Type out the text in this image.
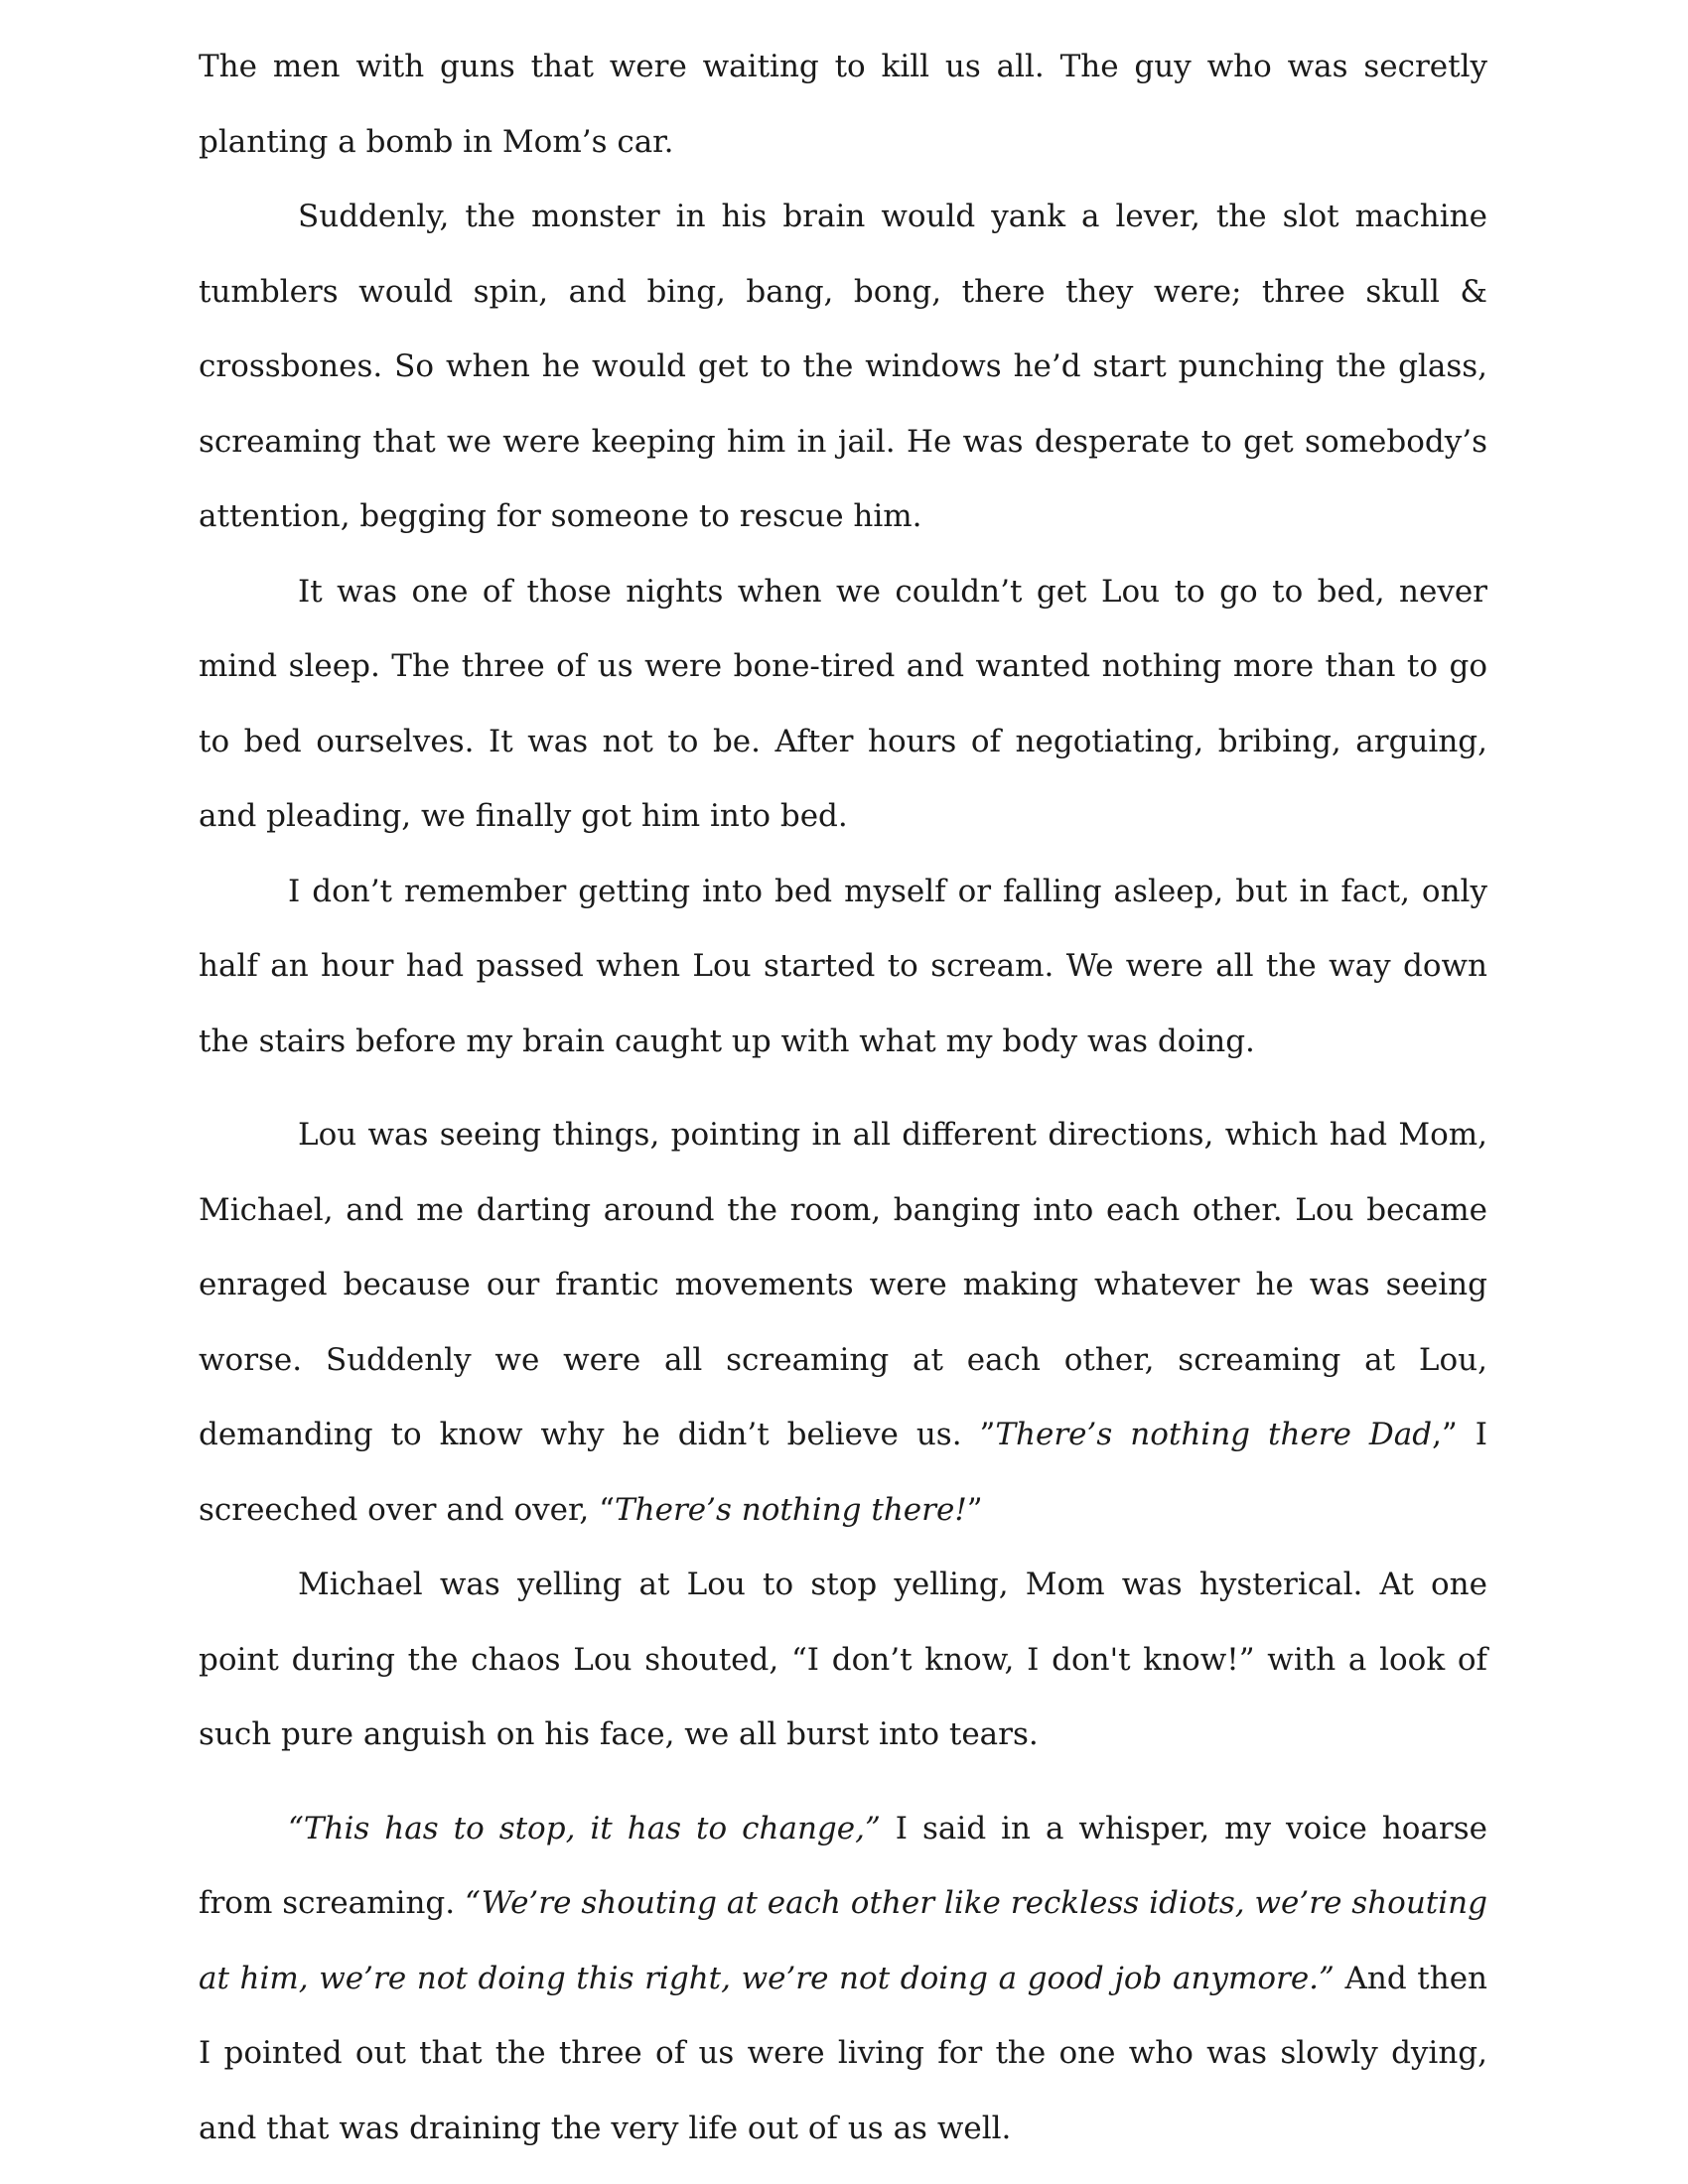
The men with guns that were waiting to kill us all. The guy who was secretly planting a bomb in Mom’s car.

Suddenly, the monster in his brain would yank a lever, the slot machine tumblers would spin, and bing, bang, bong, there they were; three skull & crossbones. So when he would get to the windows he’d start punching the glass, screaming that we were keeping him in jail. He was desperate to get somebody’s attention, begging for someone to rescue him.

It was one of those nights when we couldn’t get Lou to go to bed, never mind sleep. The three of us were bone-tired and wanted nothing more than to go to bed ourselves. It was not to be. After hours of negotiating, bribing, arguing, and pleading, we finally got him into bed.

I don’t remember getting into bed myself or falling asleep, but in fact, only half an hour had passed when Lou started to scream. We were all the way down the stairs before my brain caught up with what my body was doing.

Lou was seeing things, pointing in all different directions, which had Mom, Michael, and me darting around the room, banging into each other. Lou became enraged because our frantic movements were making whatever he was seeing worse. Suddenly we were all screaming at each other, screaming at Lou, demanding to know why he didn’t believe us. ”There’s nothing there Dad,” I screeched over and over, “There’s nothing there!”

Michael was yelling at Lou to stop yelling, Mom was hysterical. At one point during the chaos Lou shouted, “I don’t know, I don't know!” with a look of such pure anguish on his face, we all burst into tears.

“This has to stop, it has to change,” I said in a whisper, my voice hoarse from screaming. “We’re shouting at each other like reckless idiots, we’re shouting at him, we’re not doing this right, we’re not doing a good job anymore.” And then I pointed out that the three of us were living for the one who was slowly dying, and that was draining the very life out of us as well.
